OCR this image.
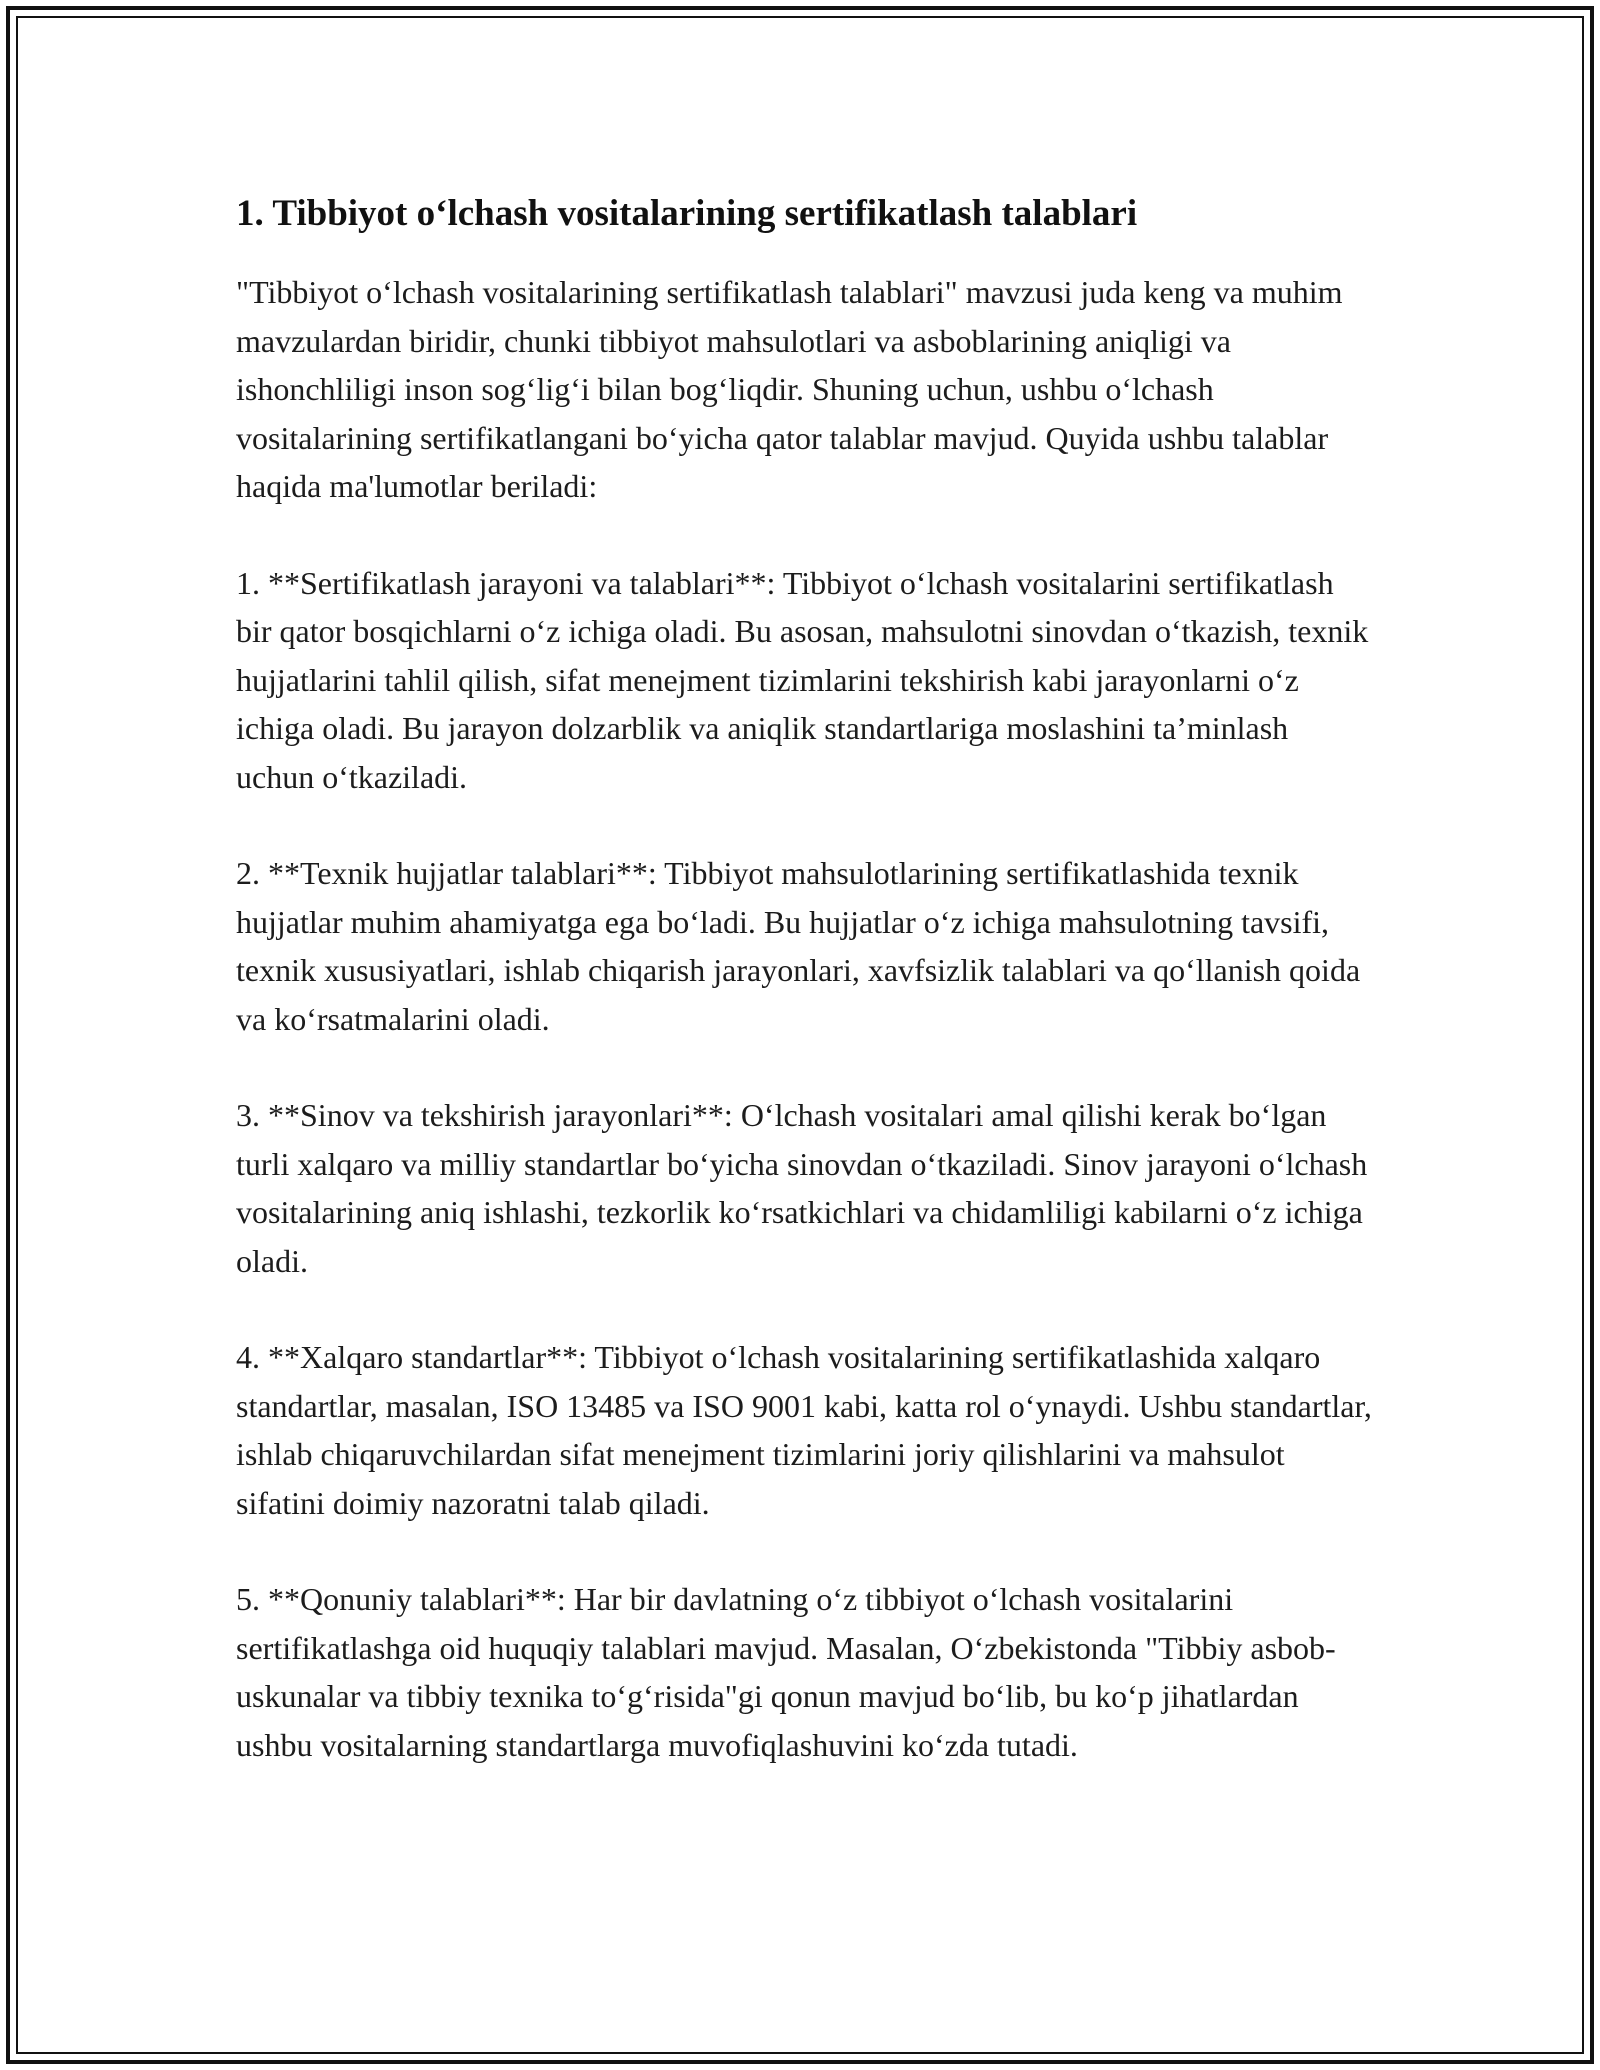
1. Tibbiyot o‘lchash vositalarining sertifikatlash talablari

"Tibbiyot o‘lchash vositalarining sertifikatlash talablari" mavzusi juda keng va muhim mavzulardan biridir, chunki tibbiyot mahsulotlari va asboblarining aniqligi va ishonchliligi inson sog‘lig‘i bilan bog‘liqdir. Shuning uchun, ushbu o‘lchash vositalarining sertifikatlangani bo‘yicha qator talablar mavjud. Quyida ushbu talablar haqida ma'lumotlar beriladi:

1. **Sertifikatlash jarayoni va talablari**: Tibbiyot o‘lchash vositalarini sertifikatlash bir qator bosqichlarni o‘z ichiga oladi. Bu asosan, mahsulotni sinovdan o‘tkazish, texnik hujjatlarini tahlil qilish, sifat menejment tizimlarini tekshirish kabi jarayonlarni o‘z ichiga oladi. Bu jarayon dolzarblik va aniqlik standartlariga moslashini ta’minlash uchun o‘tkaziladi.

2. **Texnik hujjatlar talablari**: Tibbiyot mahsulotlarining sertifikatlashida texnik hujjatlar muhim ahamiyatga ega bo‘ladi. Bu hujjatlar o‘z ichiga mahsulotning tavsifi, texnik xususiyatlari, ishlab chiqarish jarayonlari, xavfsizlik talablari va qo‘llanish qoida va ko‘rsatmalarini oladi.

3. **Sinov va tekshirish jarayonlari**: O‘lchash vositalari amal qilishi kerak bo‘lgan turli xalqaro va milliy standartlar bo‘yicha sinovdan o‘tkaziladi. Sinov jarayoni o‘lchash vositalarining aniq ishlashi, tezkorlik ko‘rsatkichlari va chidamliligi kabilarni o‘z ichiga oladi.

4. **Xalqaro standartlar**: Tibbiyot o‘lchash vositalarining sertifikatlashida xalqaro standartlar, masalan, ISO 13485 va ISO 9001 kabi, katta rol o‘ynaydi. Ushbu standartlar, ishlab chiqaruvchilardan sifat menejment tizimlarini joriy qilishlarini va mahsulot sifatini doimiy nazoratni talab qiladi.

5. **Qonuniy talablari**: Har bir davlatning o‘z tibbiyot o‘lchash vositalarini sertifikatlashga oid huquqiy talablari mavjud. Masalan, O‘zbekistonda "Tibbiy asbob-uskunalar va tibbiy texnika to‘g‘risida"gi qonun mavjud bo‘lib, bu ko‘p jihatlardan ushbu vositalarning standartlarga muvofiqlashuvini ko‘zda tutadi.
